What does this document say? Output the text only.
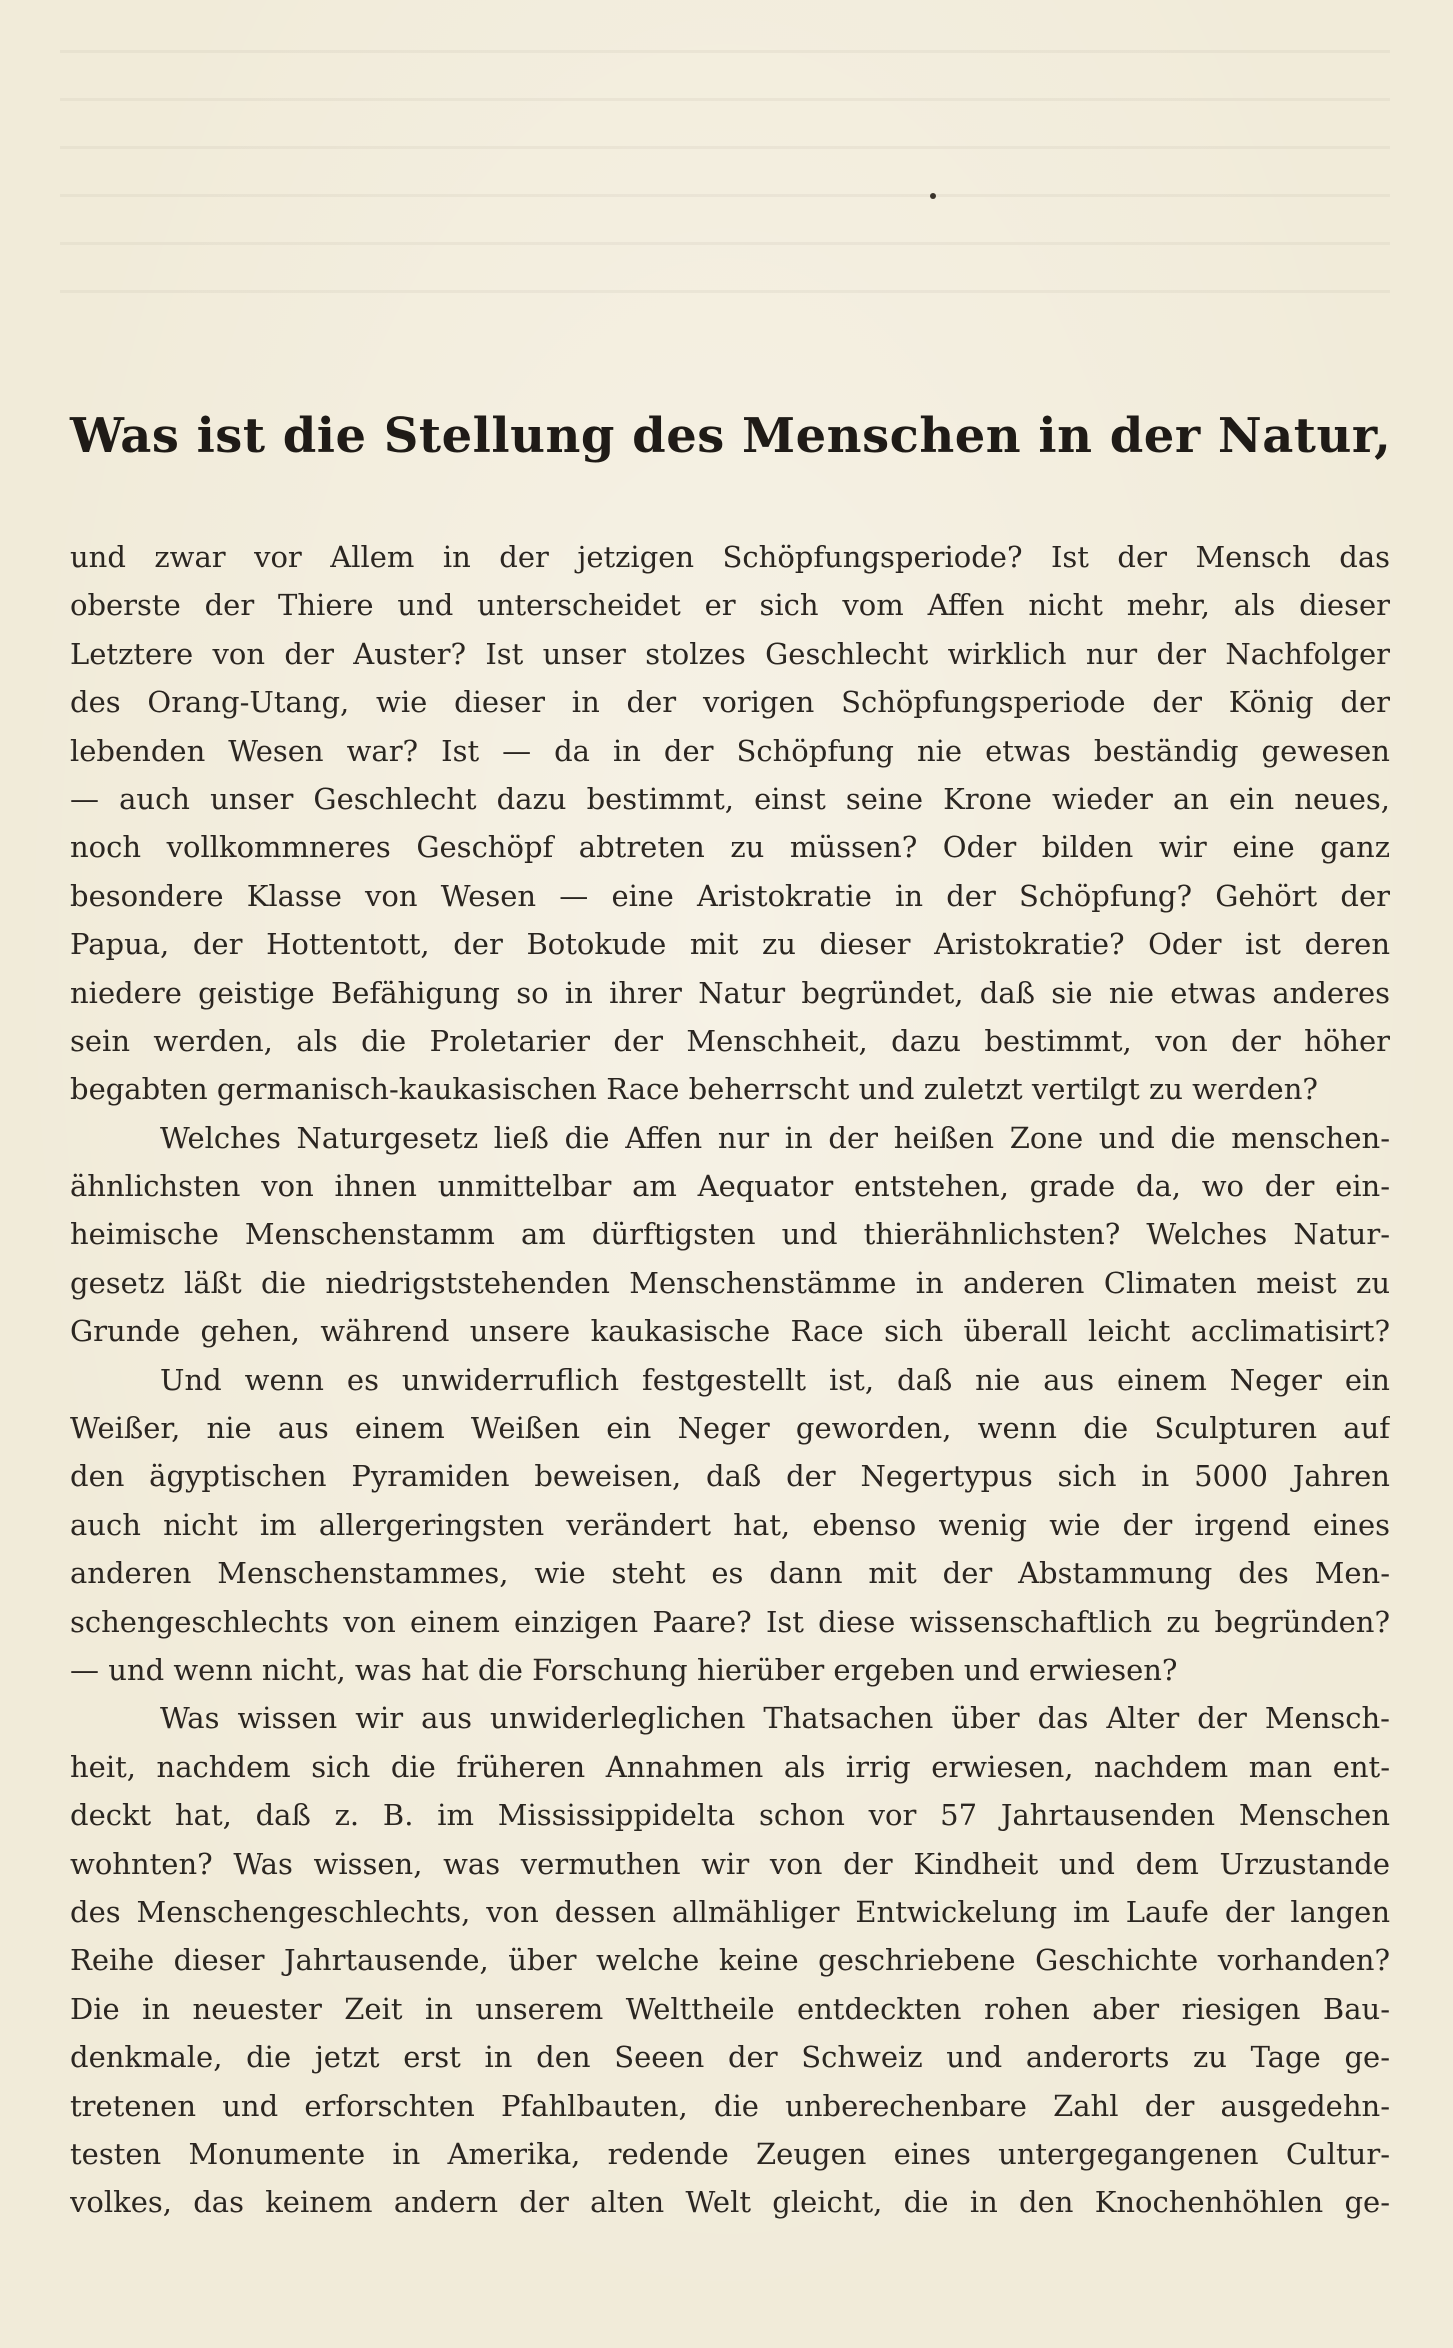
Was ist die Stellung des Menschen in der Natur,

und zwar vor Allem in der jetzigen Schöpfungsperiode? Ist der Mensch das
oberste der Thiere und unterscheidet er sich vom Affen nicht mehr, als dieser
Letztere von der Auster? Ist unser stolzes Geschlecht wirklich nur der Nachfolger
des Orang-Utang, wie dieser in der vorigen Schöpfungsperiode der König der
lebenden Wesen war? Ist — da in der Schöpfung nie etwas beständig gewesen
— auch unser Geschlecht dazu bestimmt, einst seine Krone wieder an ein neues,
noch vollkommneres Geschöpf abtreten zu müssen? Oder bilden wir eine ganz
besondere Klasse von Wesen — eine Aristokratie in der Schöpfung? Gehört der
Papua, der Hottentott, der Botokude mit zu dieser Aristokratie? Oder ist deren
niedere geistige Befähigung so in ihrer Natur begründet, daß sie nie etwas anderes
sein werden, als die Proletarier der Menschheit, dazu bestimmt, von der höher
begabten germanisch-kaukasischen Race beherrscht und zuletzt vertilgt zu werden?

Welches Naturgesetz ließ die Affen nur in der heißen Zone und die menschen-
ähnlichsten von ihnen unmittelbar am Aequator entstehen, grade da, wo der ein-
heimische Menschenstamm am dürftigsten und thierähnlichsten? Welches Natur-
gesetz läßt die niedrigststehenden Menschenstämme in anderen Climaten meist zu
Grunde gehen, während unsere kaukasische Race sich überall leicht acclimatisirt?

Und wenn es unwiderruflich festgestellt ist, daß nie aus einem Neger ein
Weißer, nie aus einem Weißen ein Neger geworden, wenn die Sculpturen auf
den ägyptischen Pyramiden beweisen, daß der Negertypus sich in 5000 Jahren
auch nicht im allergeringsten verändert hat, ebenso wenig wie der irgend eines
anderen Menschenstammes, wie steht es dann mit der Abstammung des Men-
schengeschlechts von einem einzigen Paare? Ist diese wissenschaftlich zu begründen?
— und wenn nicht, was hat die Forschung hierüber ergeben und erwiesen?

Was wissen wir aus unwiderleglichen Thatsachen über das Alter der Mensch-
heit, nachdem sich die früheren Annahmen als irrig erwiesen, nachdem man ent-
deckt hat, daß z. B. im Mississippidelta schon vor 57 Jahrtausenden Menschen
wohnten? Was wissen, was vermuthen wir von der Kindheit und dem Urzustande
des Menschengeschlechts, von dessen allmähliger Entwickelung im Laufe der langen
Reihe dieser Jahrtausende, über welche keine geschriebene Geschichte vorhanden?
Die in neuester Zeit in unserem Welttheile entdeckten rohen aber riesigen Bau-
denkmale, die jetzt erst in den Seeen der Schweiz und anderorts zu Tage ge-
tretenen und erforschten Pfahlbauten, die unberechenbare Zahl der ausgedehn-
testen Monumente in Amerika, redende Zeugen eines untergegangenen Cultur-
volkes, das keinem andern der alten Welt gleicht, die in den Knochenhöhlen ge-
